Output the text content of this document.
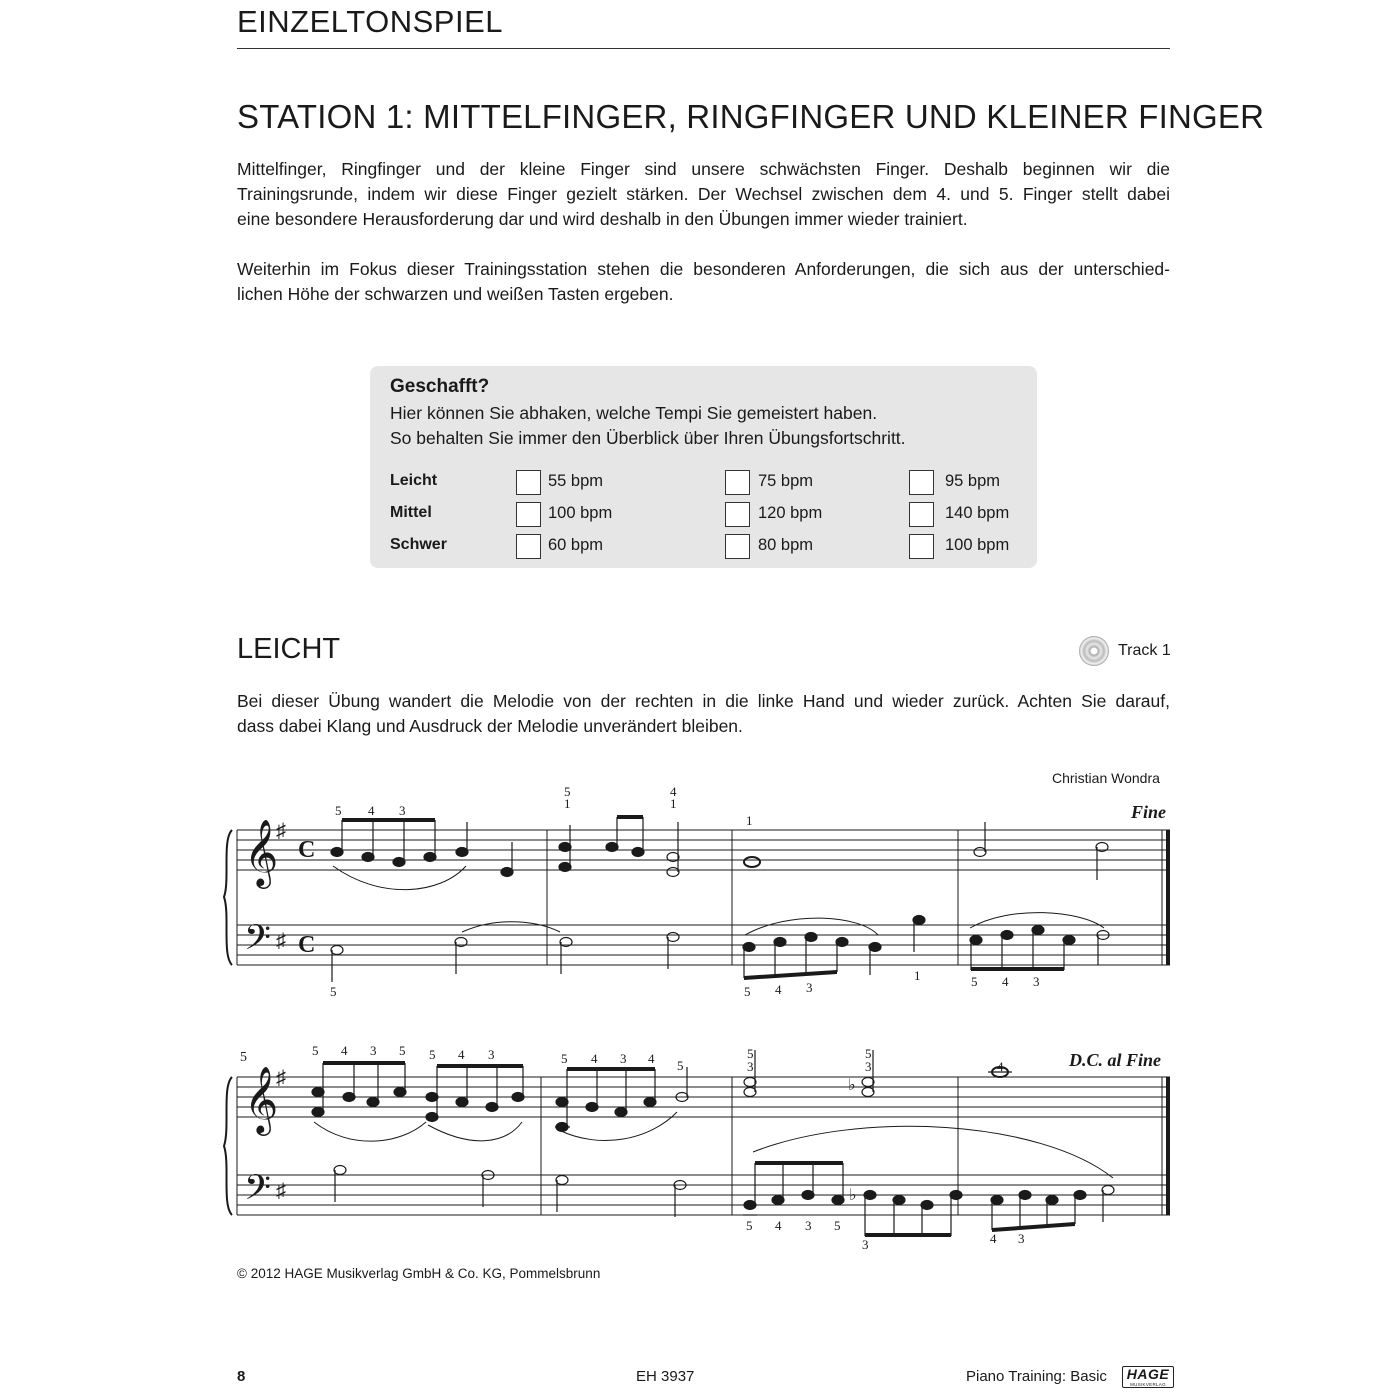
EINZELTONSPIEL
STATION 1: MITTELFINGER, RINGFINGER UND KLEINER FINGER
Mittelfinger, Ringfinger und der kleine Finger sind unsere schwächsten Finger. Deshalb beginnen wir die
Trainingsrunde, indem wir diese Finger gezielt stärken. Der Wechsel zwischen dem 4. und 5. Finger stellt dabei
eine besondere Herausforderung dar und wird deshalb in den Übungen immer wieder trainiert.
Weiterhin im Fokus dieser Trainingsstation stehen die besonderen Anforderungen, die sich aus der unterschied-
lichen Höhe der schwarzen und weißen Tasten ergeben.
Geschafft?
Hier können Sie abhaken, welche Tempi Sie gemeistert haben.
So behalten Sie immer den Überblick über Ihren Übungsfortschritt.
Leicht	55 bpm	75 bpm	95 bpm
Mittel	100 bpm	120 bpm	140 bpm
Schwer	60 bpm	80 bpm	100 bpm
LEICHT	Track 1
Bei dieser Übung wandert die Melodie von der rechten in die linke Hand und wieder zurück. Achten Sie darauf,
dass dabei Klang und Ausdruck der Melodie unverändert bleiben.
Christian Wondra
𝄞
𝄢
𝄞
𝄢
♯
♯
♯
♯
C
C
♭
♭
Fine
D.C. al Fine
5
5 4 3
5
1
4
1
1
5	5 4 3
1	5 4 3
5 4 3 5 5 4 3	5 4 3 4 5
5
3
5
3	4
5 4 3 5
3	4 3
© 2012 HAGE Musikverlag GmbH & Co. KG, Pommelsbrunn
8	EH 3937	Piano Training: Basic HAGE
MUSIKVERLAG
